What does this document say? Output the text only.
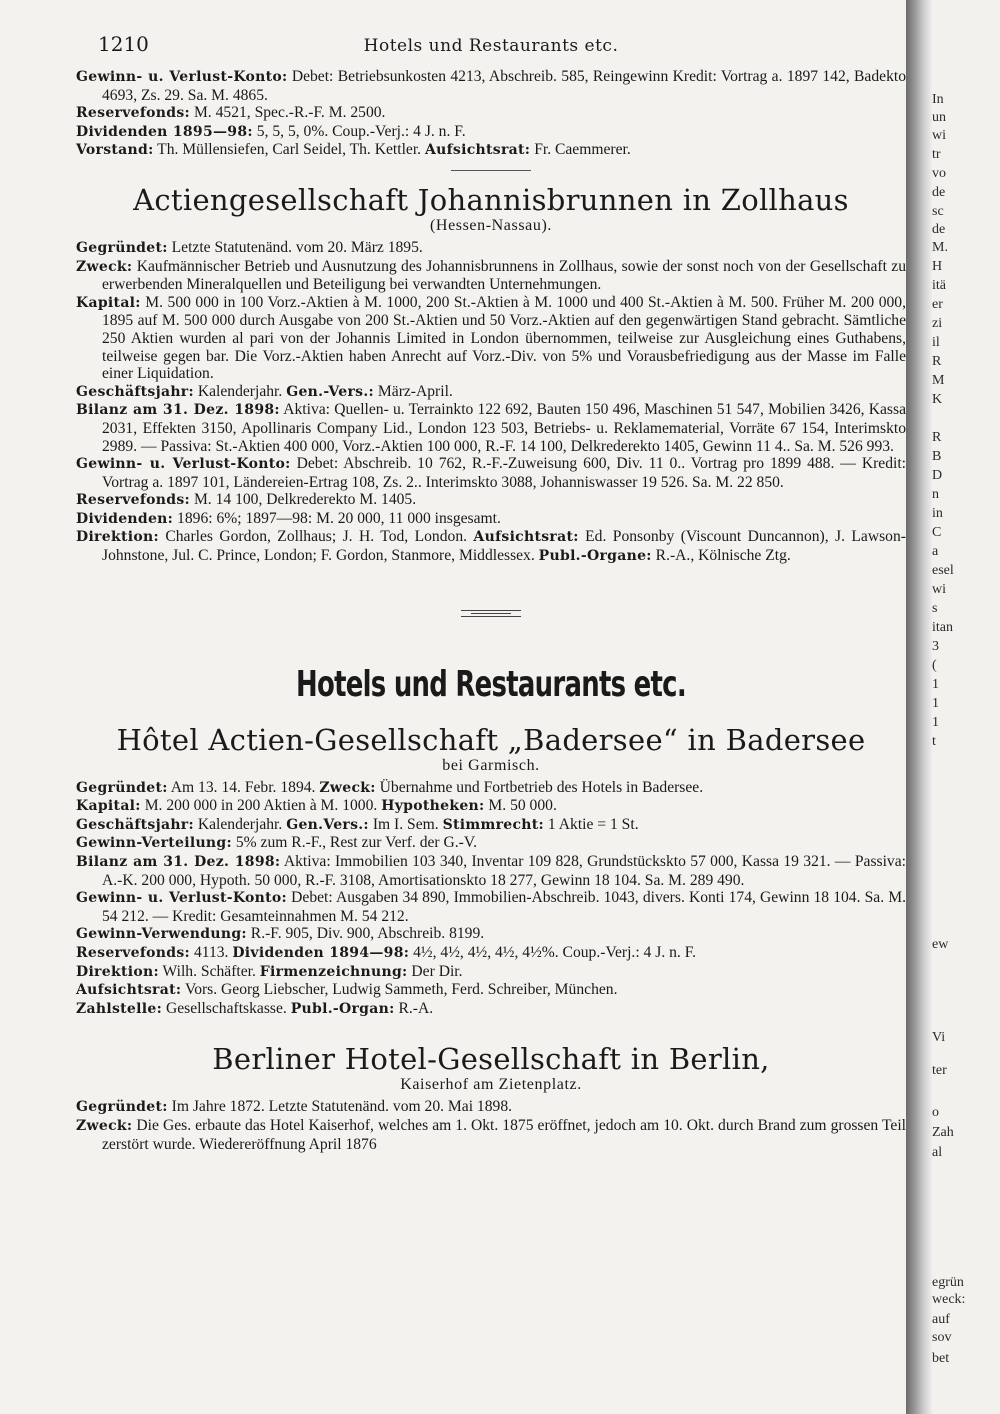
1210	Hotels und Restaurants etc.

Gewinn- u. Verlust-Konto: Debet: Betriebsunkosten 4213, Abschreib. 585, Reingewinn Kredit: Vortrag a. 1897 142, Badekto 4693, Zs. 29. Sa. M. 4865.

Reservefonds: M. 4521, Spec.-R.-F. M. 2500.

Dividenden 1895—98: 5, 5, 5, 0%. Coup.-Verj.: 4 J. n. F.

Vorstand: Th. Müllensiefen, Carl Seidel, Th. Kettler. Aufsichtsrat: Fr. Caemmerer.

Actiengesellschaft Johannisbrunnen in Zollhaus
(Hessen-Nassau).

Gegründet: Letzte Statutenänd. vom 20. März 1895.

Zweck: Kaufmännischer Betrieb und Ausnutzung des Johannisbrunnens in Zollhaus, sowie der sonst noch von der Gesellschaft zu erwerbenden Mineralquellen und Beteiligung bei verwandten Unternehmungen.

Kapital: M. 500 000 in 100 Vorz.-Aktien à M. 1000, 200 St.-Aktien à M. 1000 und 400 St.-Aktien à M. 500. Früher M. 200 000, 1895 auf M. 500 000 durch Ausgabe von 200 St.-Aktien und 50 Vorz.-Aktien auf den gegenwärtigen Stand gebracht. Sämtliche 250 Aktien wurden al pari von der Johannis Limited in London übernommen, teilweise zur Ausgleichung eines Guthabens, teilweise gegen bar. Die Vorz.-Aktien haben Anrecht auf Vorz.-Div. von 5% und Vorausbefriedigung aus der Masse im Falle einer Liquidation.

Geschäftsjahr: Kalenderjahr. Gen.-Vers.: März-April.

Bilanz am 31. Dez. 1898: Aktiva: Quellen- u. Terrainkto 122 692, Bauten 150 496, Maschinen 51 547, Mobilien 3426, Kassa 2031, Effekten 3150, Apollinaris Company Lid., London 123 503, Betriebs- u. Reklamematerial, Vorräte 67 154, Interimskto 2989. — Passiva: St.-Aktien 400 000, Vorz.-Aktien 100 000, R.-F. 14 100, Delkrederekto 1405, Gewinn 11 4.. Sa. M. 526 993.

Gewinn- u. Verlust-Konto: Debet: Abschreib. 10 762, R.-F.-Zuweisung 600, Div. 11 0.. Vortrag pro 1899 488. — Kredit: Vortrag a. 1897 101, Ländereien-Ertrag 108, Zs. 2.. Interimskto 3088, Johanniswasser 19 526. Sa. M. 22 850.

Reservefonds: M. 14 100, Delkrederekto M. 1405.

Dividenden: 1896: 6%; 1897—98: M. 20 000, 11 000 insgesamt.

Direktion: Charles Gordon, Zollhaus; J. H. Tod, London. Aufsichtsrat: Ed. Ponsonby (Viscount Duncannon), J. Lawson-Johnstone, Jul. C. Prince, London; F. Gordon, Stanmore, Middlessex. Publ.-Organe: R.-A., Kölnische Ztg.

Hotels und Restaurants etc.
Hôtel Actien-Gesellschaft „Badersee“ in Badersee
bei Garmisch.

Gegründet: Am 13. 14. Febr. 1894. Zweck: Übernahme und Fortbetrieb des Hotels in Badersee.

Kapital: M. 200 000 in 200 Aktien à M. 1000. Hypotheken: M. 50 000.

Geschäftsjahr: Kalenderjahr. Gen.Vers.: Im I. Sem. Stimmrecht: 1 Aktie = 1 St.

Gewinn-Verteilung: 5% zum R.-F., Rest zur Verf. der G.-V.

Bilanz am 31. Dez. 1898: Aktiva: Immobilien 103 340, Inventar 109 828, Grundstückskto 57 000, Kassa 19 321. — Passiva: A.-K. 200 000, Hypoth. 50 000, R.-F. 3108, Amortisationskto 18 277, Gewinn 18 104. Sa. M. 289 490.

Gewinn- u. Verlust-Konto: Debet: Ausgaben 34 890, Immobilien-Abschreib. 1043, divers. Konti 174, Gewinn 18 104. Sa. M. 54 212. — Kredit: Gesamteinnahmen M. 54 212.

Gewinn-Verwendung: R.-F. 905, Div. 900, Abschreib. 8199.

Reservefonds: 4113. Dividenden 1894—98: 4½, 4½, 4½, 4½, 4½%. Coup.-Verj.: 4 J. n. F.

Direktion: Wilh. Schäfter. Firmenzeichnung: Der Dir.

Aufsichtsrat: Vors. Georg Liebscher, Ludwig Sammeth, Ferd. Schreiber, München.

Zahlstelle: Gesellschaftskasse. Publ.-Organ: R.-A.

Berliner Hotel-Gesellschaft in Berlin,
Kaiserhof am Zietenplatz.

Gegründet: Im Jahre 1872. Letzte Statutenänd. vom 20. Mai 1898.

Zweck: Die Ges. erbaute das Hotel Kaiserhof, welches am 1. Okt. 1875 eröffnet, jedoch am 10. Okt. durch Brand zum grossen Teil zerstört wurde. Wiedereröffnung April 1876

In
un
wi
tr
vo
de
sc
de
M.
H
itä
er
zi
il
R
M
K
R
B
D
n
in
C
a
esel
wi
s
itan
3
(
1
1
1
t
ew
Vi
ter
o
Zah
al
egrün
weck:
auf
sov
bet
